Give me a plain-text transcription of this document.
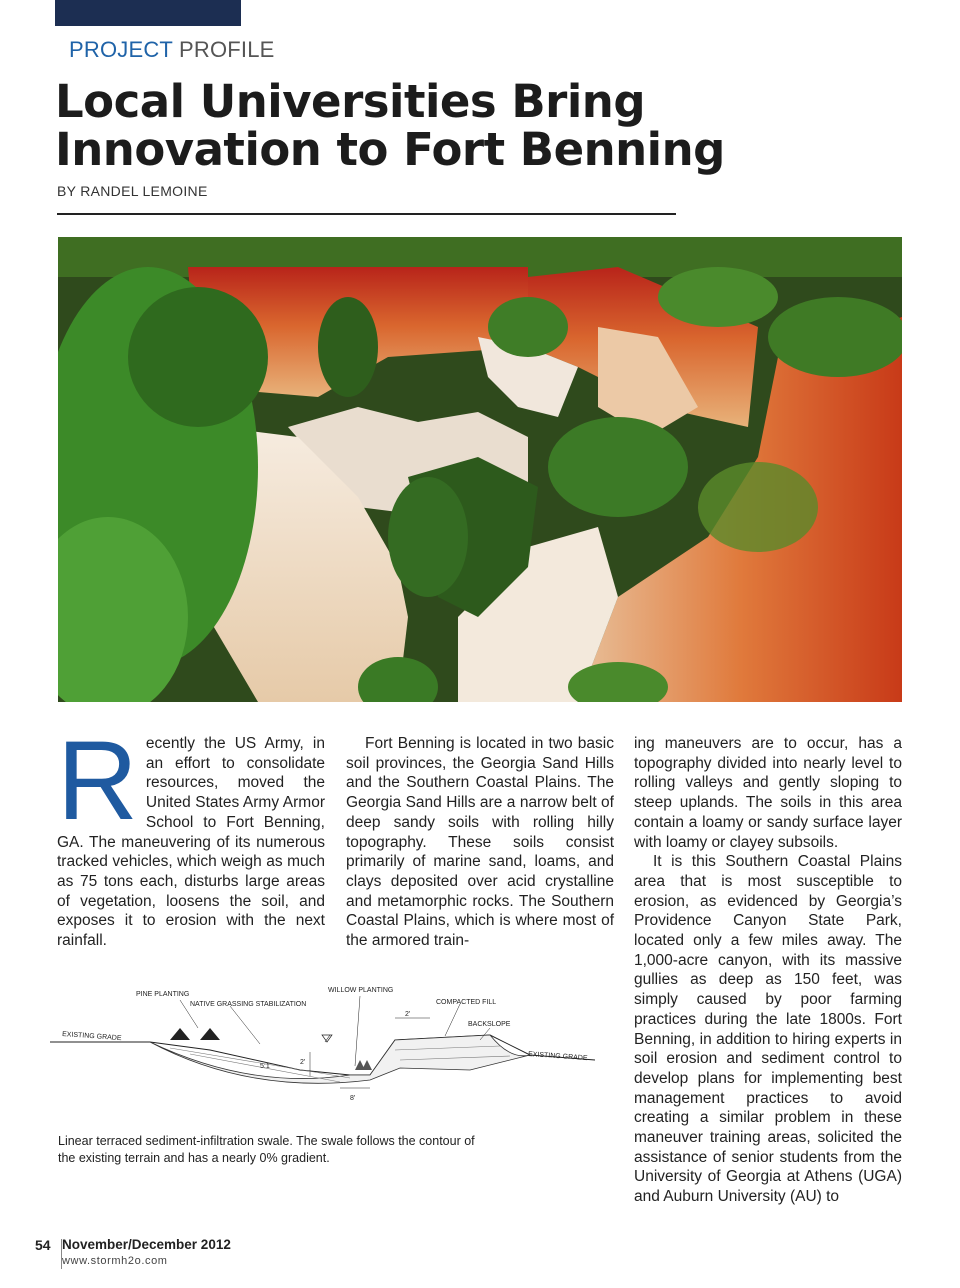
PROJECT PROFILE
Local Universities Bring
Innovation to Fort Benning
BY RANDEL LEMOINE
R ecently the US Army, in an effort to consolidate resources, moved the United States Army Armor School to Fort Benning, GA. The maneuvering of its numerous tracked vehicles, which weigh as much as 75 tons each, disturbs large areas of vegetation, loosens the soil, and exposes it to erosion with the next rainfall.

Fort Benning is located in two basic soil provinces, the Georgia Sand Hills and the Southern Coastal Plains. The Georgia Sand Hills are a narrow belt of deep sandy soils with rolling hilly topography. These soils consist primarily of marine sand, loams, and clays deposited over acid crystalline and metamorphic rocks. The Southern Coastal Plains, which is where most of the armored train-

ing maneuvers are to occur, has a topography divided into nearly level to rolling valleys and gently sloping to steep uplands. The soils in this area contain a loamy or sandy surface layer with loamy or clayey subsoils.

It is this Southern Coastal Plains area that is most susceptible to erosion, as evidenced by Georgia’s Providence Canyon State Park, located only a few miles away. The 1,000-acre canyon, with its massive gullies as deep as 150 feet, was simply caused by poor farming practices during the late 1800s. Fort Benning, in addition to hiring experts in soil erosion and sediment control to develop plans for implementing best management practices to avoid creating a similar problem in these maneuver training areas, solicited the assistance of senior students from the University of Georgia at Athens (UGA) and Auburn University (AU) to

PINE PLANTING
NATIVE GRASSING STABILIZATION
WILLOW PLANTING
COMPACTED FILL
BACKSLOPE
EXISTING GRADE
EXISTING GRADE
2'
8'
2'
5:1
Linear terraced sediment-infiltration swale. The swale follows the contour of the existing terrain and has a nearly 0% gradient.
54 November/December 2012
www.stormh2o.com
